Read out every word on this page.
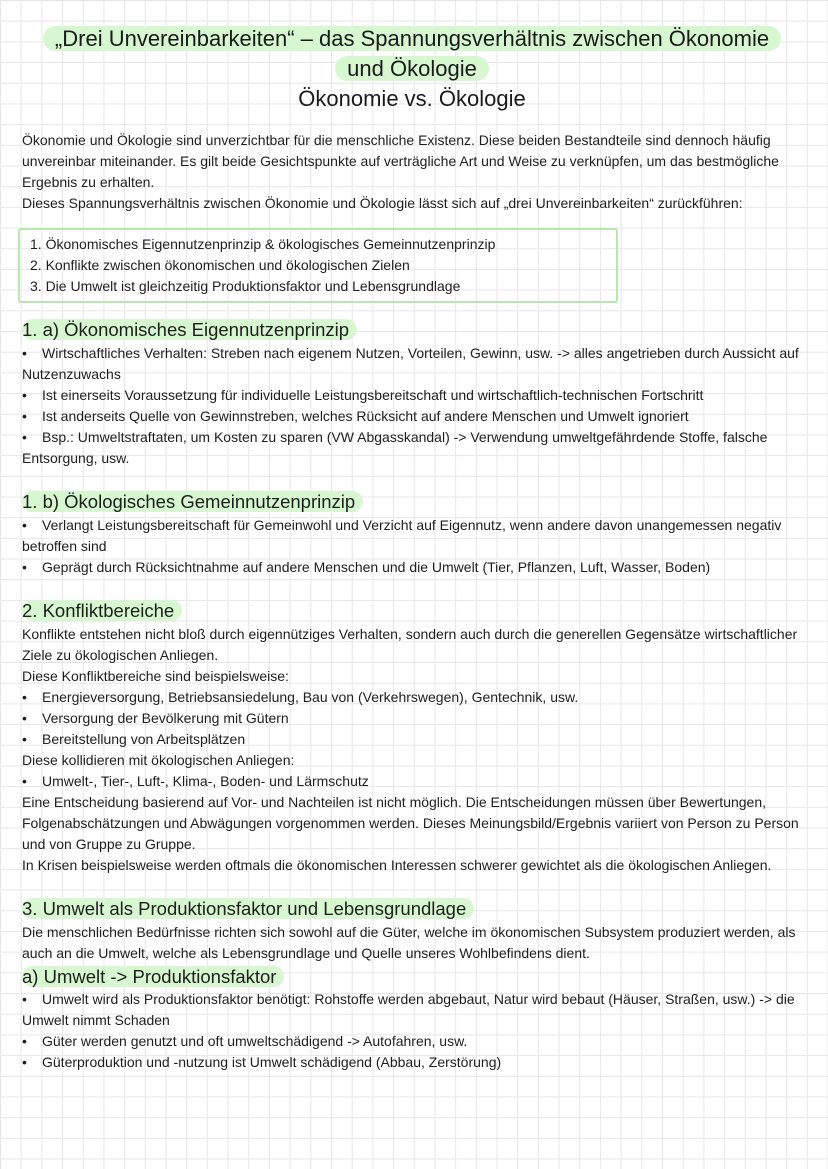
„Drei Unvereinbarkeiten“ – das Spannungsverhältnis zwischen Ökonomie
und Ökologie
Ökonomie vs. Ökologie

Ökonomie und Ökologie sind unverzichtbar für die menschliche Existenz. Diese beiden Bestandteile sind dennoch häufig unvereinbar miteinander. Es gilt beide Gesichtspunkte auf verträgliche Art und Weise zu verknüpfen, um das bestmögliche Ergebnis zu erhalten.

Dieses Spannungsverhältnis zwischen Ökonomie und Ökologie lässt sich auf „drei Unvereinbarkeiten“ zurückführen:

1. Ökonomisches Eigennutzenprinzip & ökologisches Gemeinnutzenprinzip
2. Konflikte zwischen ökonomischen und ökologischen Zielen
3. Die Umwelt ist gleichzeitig Produktionsfaktor und Lebensgrundlage
1. a) Ökonomisches Eigennutzenprinzip

• Wirtschaftliches Verhalten: Streben nach eigenem Nutzen, Vorteilen, Gewinn, usw. -> alles angetrieben durch Aussicht auf Nutzenzuwachs

• Ist einerseits Voraussetzung für individuelle Leistungsbereitschaft und wirtschaftlich-technischen Fortschritt

• Ist anderseits Quelle von Gewinnstreben, welches Rücksicht auf andere Menschen und Umwelt ignoriert

• Bsp.: Umweltstraftaten, um Kosten zu sparen (VW Abgasskandal) -> Verwendung umweltgefährdende Stoffe, falsche Entsorgung, usw.

1. b) Ökologisches Gemeinnutzenprinzip

• Verlangt Leistungsbereitschaft für Gemeinwohl und Verzicht auf Eigennutz, wenn andere davon unangemessen negativ betroffen sind

• Geprägt durch Rücksichtnahme auf andere Menschen und die Umwelt (Tier, Pflanzen, Luft, Wasser, Boden)

2. Konfliktbereiche

Konflikte entstehen nicht bloß durch eigennütziges Verhalten, sondern auch durch die generellen Gegensätze wirtschaftlicher Ziele zu ökologischen Anliegen.

Diese Konfliktbereiche sind beispielsweise:

• Energieversorgung, Betriebsansiedelung, Bau von (Verkehrswegen), Gentechnik, usw.

• Versorgung der Bevölkerung mit Gütern

• Bereitstellung von Arbeitsplätzen

Diese kollidieren mit ökologischen Anliegen:

• Umwelt-, Tier-, Luft-, Klima-, Boden- und Lärmschutz

Eine Entscheidung basierend auf Vor- und Nachteilen ist nicht möglich. Die Entscheidungen müssen über Bewertungen, Folgenabschätzungen und Abwägungen vorgenommen werden. Dieses Meinungsbild/Ergebnis variiert von Person zu Person und von Gruppe zu Gruppe.

In Krisen beispielsweise werden oftmals die ökonomischen Interessen schwerer gewichtet als die ökologischen Anliegen.

3. Umwelt als Produktionsfaktor und Lebensgrundlage

Die menschlichen Bedürfnisse richten sich sowohl auf die Güter, welche im ökonomischen Subsystem produziert werden, als auch an die Umwelt, welche als Lebensgrundlage und Quelle unseres Wohlbefindens dient.

a) Umwelt -> Produktionsfaktor

• Umwelt wird als Produktionsfaktor benötigt: Rohstoffe werden abgebaut, Natur wird bebaut (Häuser, Straßen, usw.) -> die Umwelt nimmt Schaden

• Güter werden genutzt und oft umweltschädigend -> Autofahren, usw.

• Güterproduktion und -nutzung ist Umwelt schädigend (Abbau, Zerstörung)
